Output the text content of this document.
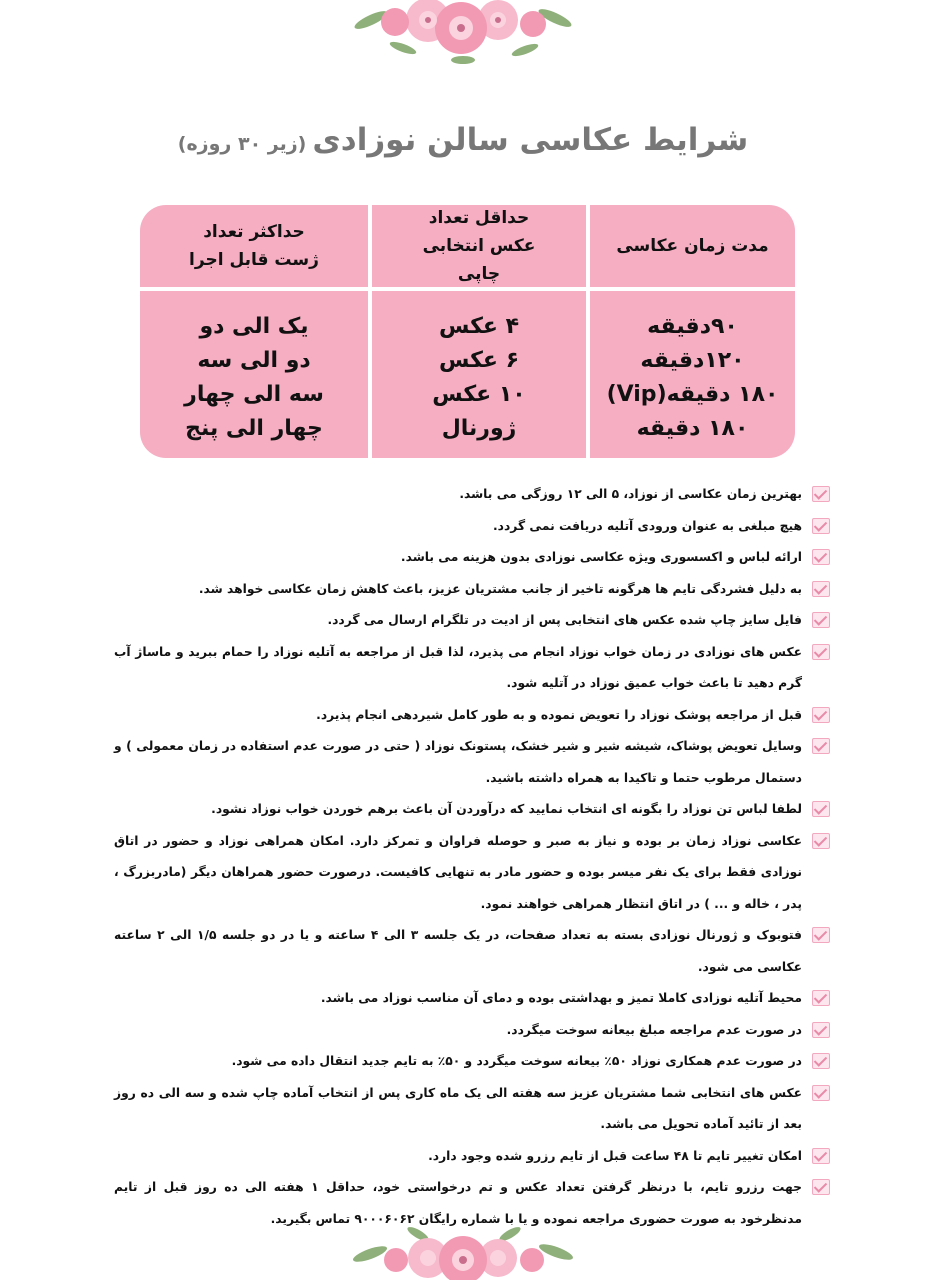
شرایط عکاسی سالن نوزادی(زیر ۳۰ روزه)
مدت زمان عکاسی
حداقل تعداد عکس انتخابی چاپی
حداکثر تعداد ژست قابل اجرا
۹۰دقیقه
۱۲۰دقیقه
۱۸۰ دقیقه(Vip)
۱۸۰ دقیقه
۴ عکس
۶ عکس
۱۰ عکس
ژورنال
یک الی دو
دو الی سه
سه الی چهار
چهار الی پنج
بهترین زمان عکاسی از نوزاد، ۵ الی ۱۲ روزگی می باشد.
هیچ مبلغی به عنوان ورودی آتلیه دریافت نمی گردد.
ارائه لباس و اکسسوری ویژه عکاسی نوزادی بدون هزینه می باشد.
به دلیل فشردگی تایم ها هرگونه تاخیر از جانب مشتریان عزیز، باعث کاهش زمان عکاسی خواهد شد.
فایل سایز چاپ شده عکس های انتخابی پس از ادیت در تلگرام ارسال می گردد.
عکس های نوزادی در زمان خواب نوزاد انجام می پذیرد، لذا قبل از مراجعه به آتلیه نوزاد را حمام ببرید و ماساژ آب گرم دهید تا باعث خواب عمیق نوزاد در آتلیه شود.
قبل از مراجعه پوشک نوزاد را تعویض نموده و به طور کامل شیردهی انجام پذیرد.
وسایل تعویض پوشاک، شیشه شیر و شیر خشک، پستونک نوزاد ( حتی در صورت عدم استفاده در زمان معمولی ) و دستمال مرطوب حتما و تاکیدا به همراه داشته باشید.
لطفا لباس تن نوزاد را بگونه ای انتخاب نمایید که درآوردن آن باعث برهم خوردن خواب نوزاد نشود.
عکاسی نوزاد زمان بر بوده و نیاز به صبر و حوصله فراوان و تمرکز دارد. امکان همراهی نوزاد و حضور در اتاق نوزادی فقط برای یک نفر میسر بوده و حضور مادر به تنهایی کافیست. درصورت حضور همراهان دیگر (مادربزرگ ، پدر ، خاله و ... ) در اتاق انتظار همراهی خواهند نمود.
فتوبوک و ژورنال نوزادی بسته به تعداد صفحات، در یک جلسه ۳ الی ۴ ساعته و یا در دو جلسه ۱/۵ الی ۲ ساعته عکاسی می شود.
محیط آتلیه نوزادی کاملا تمیز و بهداشتی بوده و دمای آن مناسب نوزاد می باشد.
در صورت عدم مراجعه مبلغ بیعانه سوخت میگردد.
در صورت عدم همکاری نوزاد ۵۰٪ بیعانه سوخت میگردد و ۵۰٪ به تایم جدید انتقال داده می شود.
عکس های انتخابی شما مشتریان عزیز سه هفته الی یک ماه کاری پس از انتخاب آماده چاپ شده و سه الی ده روز بعد از تائید آماده تحویل می باشد.
امکان تغییر تایم تا ۴۸ ساعت قبل از تایم رزرو شده وجود دارد.
جهت رزرو تایم، با درنظر گرفتن تعداد عکس و تم درخواستی خود، حداقل ۱ هفته الی ده روز قبل از تایم مدنظرخود به صورت حضوری مراجعه نموده و یا با شماره رایگان ۹۰۰۰۶۰۶۲ تماس بگیرید.
